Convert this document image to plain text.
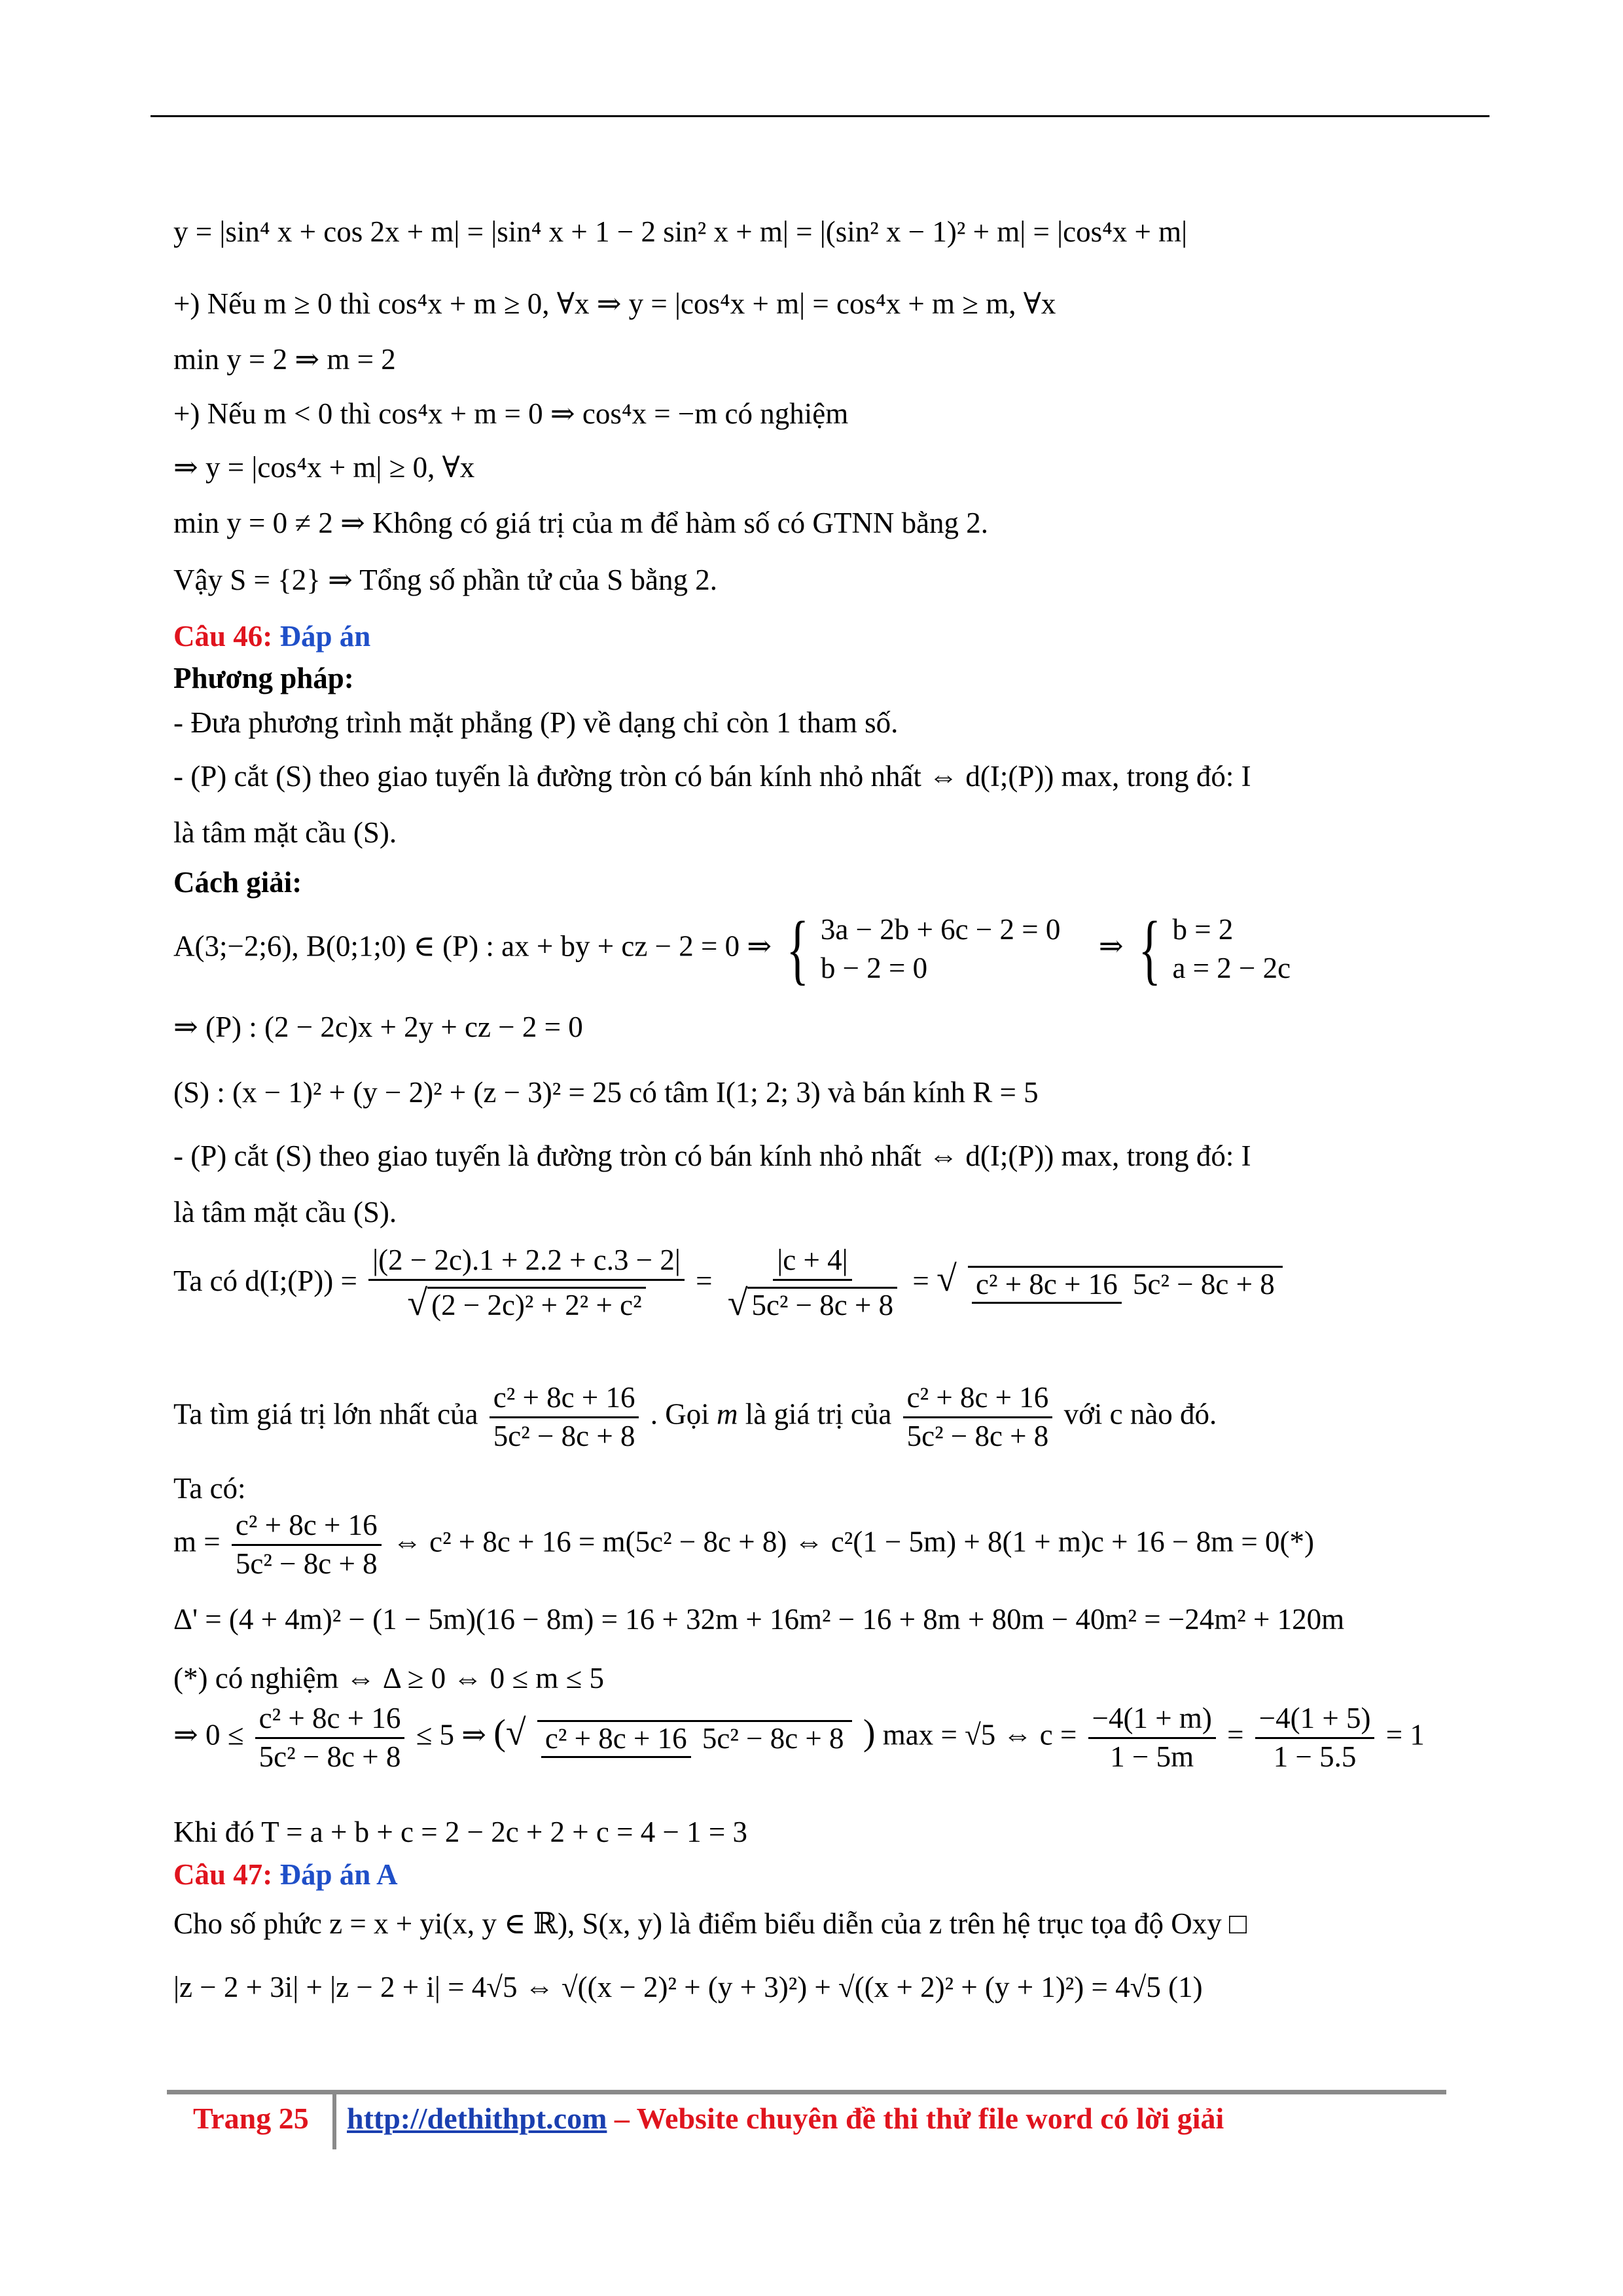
y = |sin⁴ x + cos 2x + m| = |sin⁴ x + 1 − 2 sin² x + m| = |(sin² x − 1)² + m| = |cos⁴x + m|
+) Nếu m ≥ 0 thì cos⁴x + m ≥ 0, ∀x ⇒ y = |cos⁴x + m| = cos⁴x + m ≥ m, ∀x
min y = 2 ⇒ m = 2
+) Nếu m < 0 thì cos⁴x + m = 0 ⇒ cos⁴x = −m có nghiệm
⇒ y = |cos⁴x + m| ≥ 0, ∀x
min y = 0 ≠ 2 ⇒ Không có giá trị của m để hàm số có GTNN bằng 2.
Vậy S = {2} ⇒ Tổng số phần tử của S bằng 2.
Câu 46: Đáp án
Phương pháp:
- Đưa phương trình mặt phẳng (P) về dạng chỉ còn 1 tham số.
- (P) cắt (S) theo giao tuyến là đường tròn có bán kính nhỏ nhất ⇔ d(I;(P)) max, trong đó: I
là tâm mặt cầu (S).
Cách giải:
A(3;−2;6), B(0;1;0) ∈ (P) : ax + by + cz − 2 = 0 ⇒ { 3a − 2b + 6c − 2 = 0
b − 2 = 0
⇒ { b = 2
a = 2 − 2c
⇒ (P) : (2 − 2c)x + 2y + cz − 2 = 0
(S) : (x − 1)² + (y − 2)² + (z − 3)² = 25 có tâm I(1; 2; 3) và bán kính R = 5
- (P) cắt (S) theo giao tuyến là đường tròn có bán kính nhỏ nhất ⇔ d(I;(P)) max, trong đó: I
là tâm mặt cầu (S).
Ta có d(I;(P)) = $\frac{|(2 - 2c).1 + 2.2 + c.3 - 2|}{\text{√ (2 − 2c)² + 2² + c²}} = \frac{|c + 4|}{\text{√ 5c² − 8c + 8}}$ = √ c² + 8c + 16 5c² − 8c + 8
Ta tìm giá trị lớn nhất của $\frac{\text{c² + 8c + 16}}{\text{5c² − 8c + 8}}$ . Gọi m là giá trị của $\frac{\text{c² + 8c + 16}}{\text{5c² − 8c + 8}}$ với c nào đó.
Ta có:
$m = \frac{\text{c² + 8c + 16}}{\text{5c² − 8c + 8}}$ ⇔ c² + 8c + 16 = m(5c² − 8c + 8) ⇔ c²(1 − 5m) + 8(1 + m)c + 16 − 8m = 0(*)
Δ' = (4 + 4m)² − (1 − 5m)(16 − 8m) = 16 + 32m + 16m² − 16 + 8m + 80m − 40m² = −24m² + 120m
(*) có nghiệm ⇔ Δ ≥ 0 ⇔ 0 ≤ m ≤ 5
⇒ $0 \le \frac{\text{c² + 8c + 16}}{\text{5c² − 8c + 8}} \le 5$ ⇒ (√ c² + 8c + 16 5c² − 8c + 8 ) max = √5 ⇔ $c = \frac{-4(1 + m)}{1 - 5m} = \frac{-4(1 + 5)}{1 - 5.5} = 1$
Khi đó T = a + b + c = 2 − 2c + 2 + c = 4 − 1 = 3
Câu 47: Đáp án A
Cho số phức z = x + yi(x, y ∈ ℝ), S(x, y) là điểm biểu diễn của z trên hệ trục tọa độ Oxy □
|z − 2 + 3i| + |z − 2 + i| = 4√5 ⇔ √((x − 2)² + (y + 3)²) + √((x + 2)² + (y + 1)²) = 4√5 (1)
Trang 25 http://dethithpt.com – Website chuyên đề thi thử file word có lời giải
